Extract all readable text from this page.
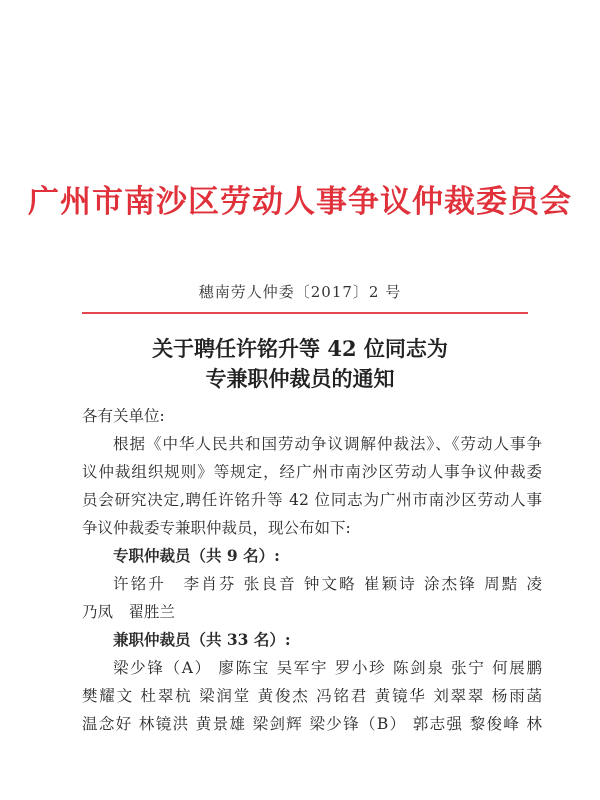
广州市南沙区劳动人事争议仲裁委员会
穗南劳人仲委〔2017〕2 号
关于聘任许铭升等 42 位同志为
专兼职仲裁员的通知
各有关单位:
根据《中华人民共和国劳动争议调解仲裁法》、《劳动人事争
议仲裁组织规则》等规定，经广州市南沙区劳动人事争议仲裁委
员会研究决定,聘任许铭升等 42 位同志为广州市南沙区劳动人事
争议仲裁委专兼职仲裁员，现公布如下:
专职仲裁员（共 9 名）:
许铭升　李肖芬 张良音 钟文略 崔颖诗 涂杰锋 周黠 凌
乃凤　翟胜兰
兼职仲裁员（共 33 名）:
梁少锋（A） 廖陈宝 吴军宇 罗小珍 陈剑泉 张宁 何展鹏
樊耀文 杜翠杭 梁润堂 黄俊杰 冯铭君 黄镜华 刘翠翠 杨雨菡
温念好 林镜洪 黄景雄 梁剑辉 梁少锋（B） 郭志强 黎俊峰 林
